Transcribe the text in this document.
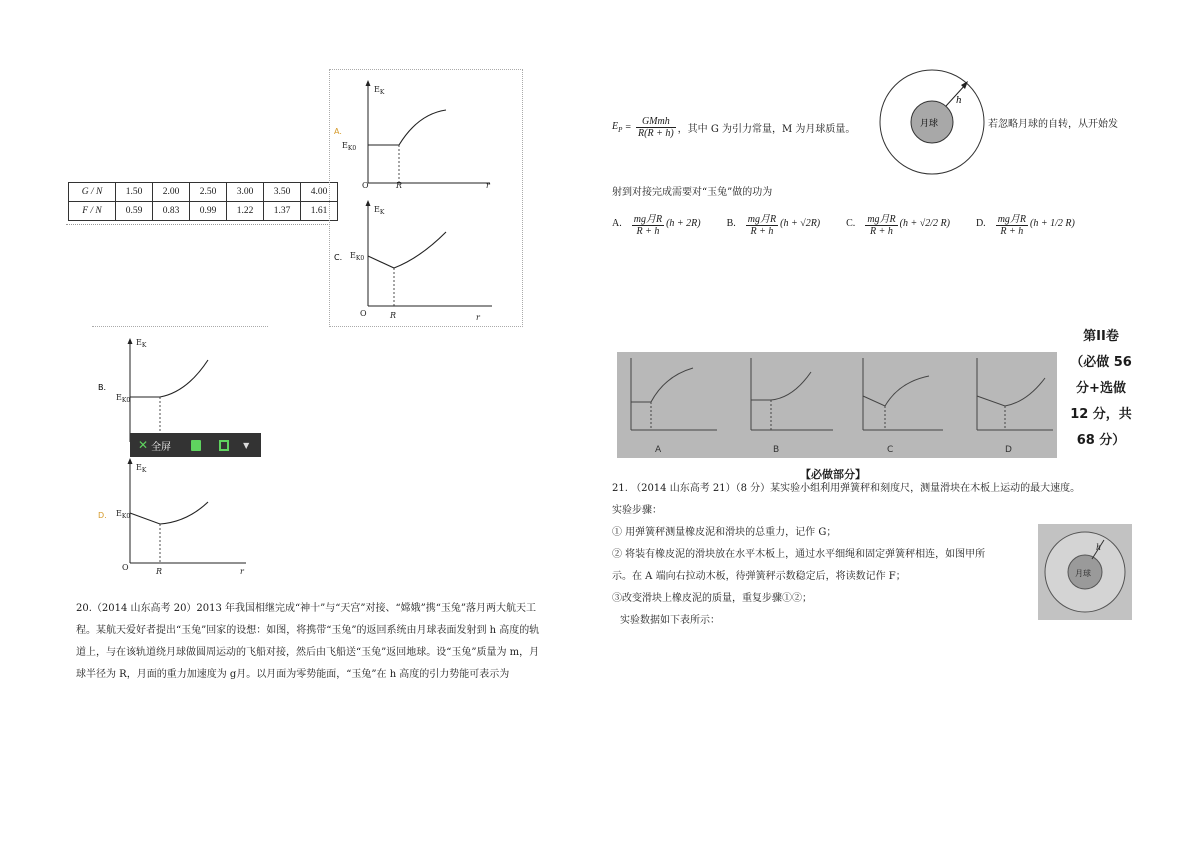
G / N	1.50	2.00	2.50	3.00	3.50	4.00
F / N	0.59	0.83	0.99	1.22	1.37	1.61
$E_K$
$E_{K0}$
A.
O	R	r
$E_K$
$E_{K0}$
C.
O	R	r
$E_K$
$E_{K0}$
B.
$E_K$
$E_{K0}$
D.
O	R	r
✕ 全屏	▼
20.（2014 山东高考 20）2013 年我国相继完成“神十”与“天宫”对接、“嫦娥”携“玉兔”落月两大航天工
程。某航天爱好者提出“玉兔”回家的设想：如图，将携带“玉兔”的返回系统由月球表面发射到 h 高度的轨
道上，与在该轨道绕月球做圆周运动的飞船对接，然后由飞船送“玉兔”返回地球。设“玉兔”质量为 m，月
球半径为 R，月面的重力加速度为 g月。以月面为零势能面，“玉兔”在 h 高度的引力势能可表示为
$E_P = \frac{\text{GMmh}}{R(R + h)}$ ，其中 G 为引力常量，M 为月球质量。	若忽略月球的自转，从开始发
h
月球
射到对接完成需要对“玉兔”做的功为
A. $\frac{\text{mg月R}}{R + h} (h + 2R)$	B. $\frac{\text{mg月R}}{R + h} (h + √2R)$	C. $\frac{\text{mg月R}}{R + h} (h + √2/2$ R)	D. $\frac{\text{mg月R}}{R + h} (h + 1/2$ R)
第II卷
（必做 56
分+选做
12 分，共
68 分）
A	B	C	D
【必做部分】
21. （2014 山东高考 21）（8 分）某实验小组利用弹簧秤和刻度尺，测量滑块在木板上运动的最大速度。
实验步骤：
① 用弹簧秤测量橡皮泥和滑块的总重力，记作 G；
② 将装有橡皮泥的滑块放在水平木板上，通过水平细绳和固定弹簧秤相连，如图甲所
示。在 A 端向右拉动木板，待弹簧秤示数稳定后，将读数记作 F；
③改变滑块上橡皮泥的质量，重复步骤①②；
实验数据如下表所示：
h
月球
